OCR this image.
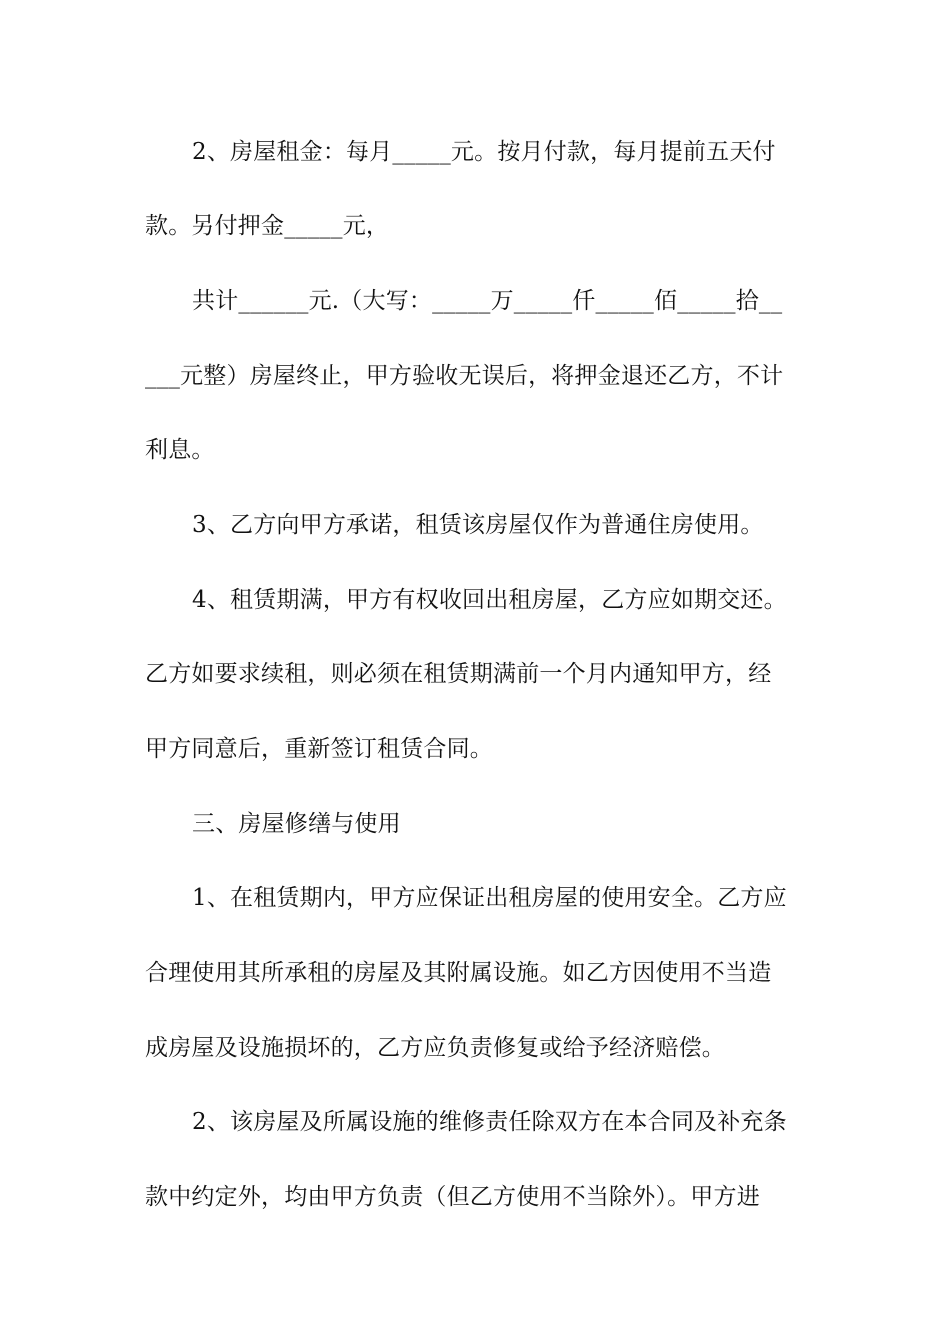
2、房屋租金：每月_____元。按月付款，每月提前五天付
款。另付押金_____元，
共计______元.（大写：_____万_____仟_____佰_____拾__
___元整）房屋终止，甲方验收无误后，将押金退还乙方，不计
利息。
3、乙方向甲方承诺，租赁该房屋仅作为普通住房使用。
4、租赁期满，甲方有权收回出租房屋，乙方应如期交还。
乙方如要求续租，则必须在租赁期满前一个月内通知甲方，经
甲方同意后，重新签订租赁合同。
三、房屋修缮与使用
1、在租赁期内，甲方应保证出租房屋的使用安全。乙方应
合理使用其所承租的房屋及其附属设施。如乙方因使用不当造
成房屋及设施损坏的，乙方应负责修复或给予经济赔偿。
2、该房屋及所属设施的维修责任除双方在本合同及补充条
款中约定外，均由甲方负责（但乙方使用不当除外）。甲方进
